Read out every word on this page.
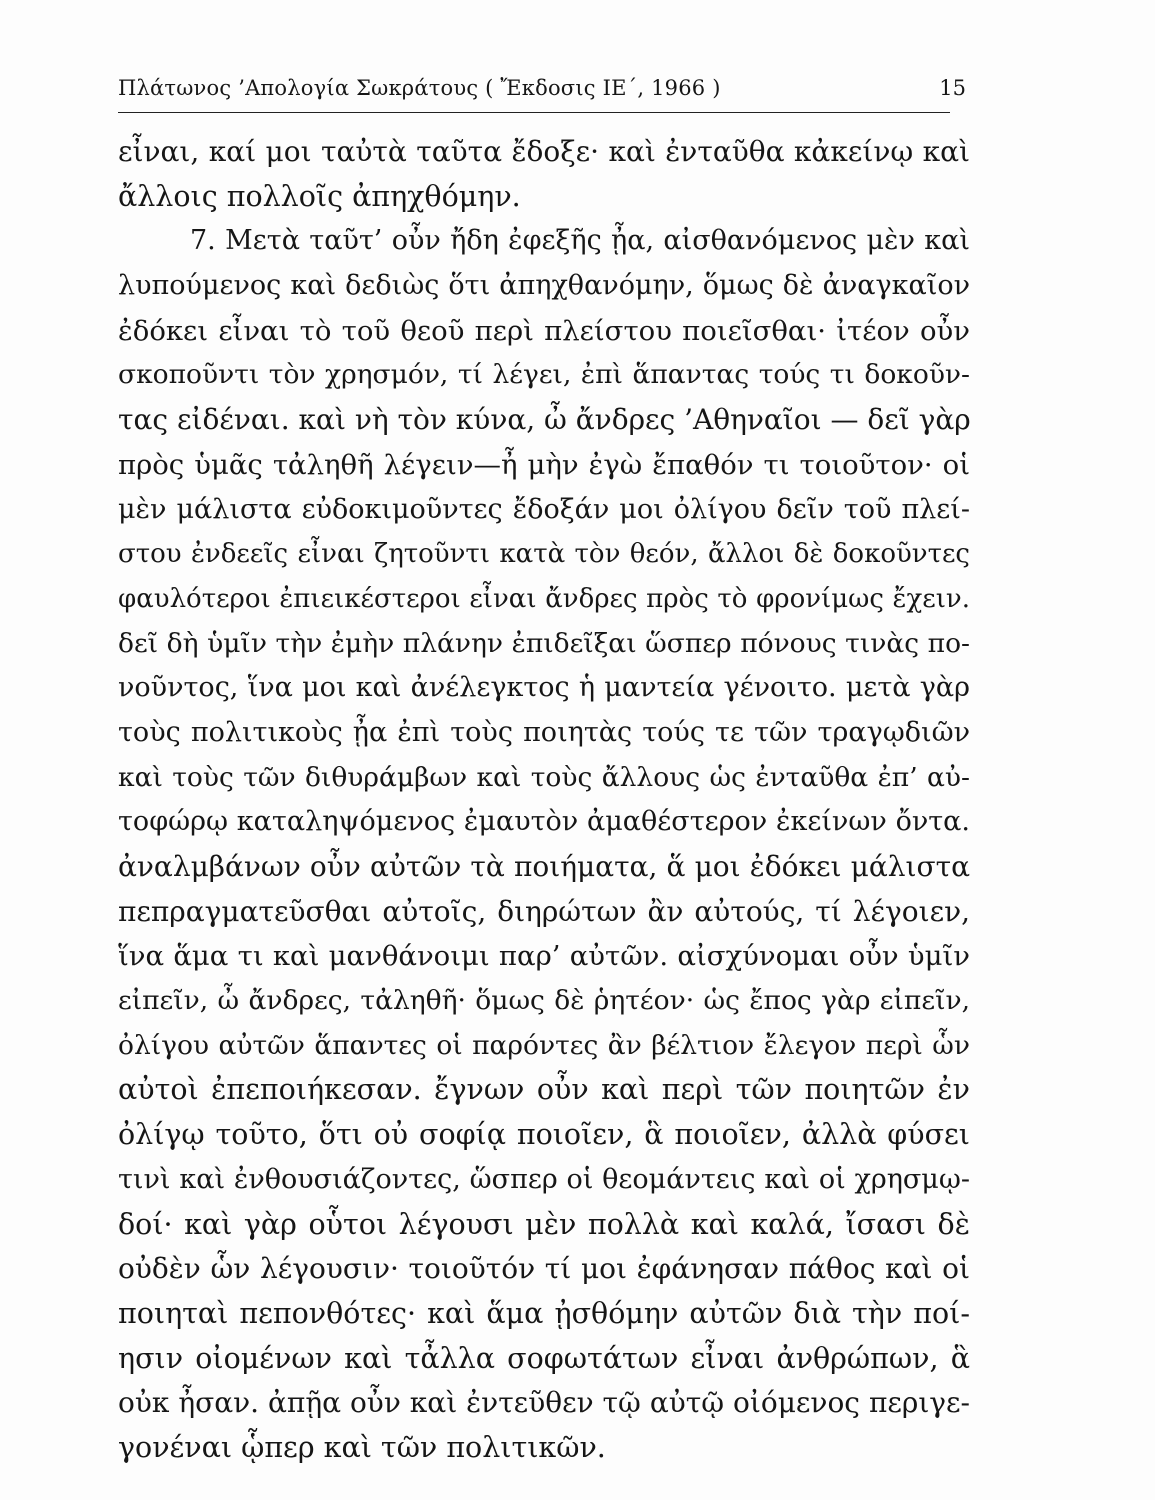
Πλάτωνος ’Απολογία Σωκράτους ( Ἔκδοσις ΙΕ΄, 1966 )	15
εἶναι, καί μοι ταὐτὰ ταῦτα ἔδοξε· καὶ ἐνταῦθα κἀκείνῳ καὶ
ἄλλοις πολλοῖς ἀπηχθόμην.
7. Μετὰ ταῦτ’ οὖν ἤδη ἐφεξῆς ᾖα, αἰσθανόμενος μὲν καὶ
λυπούμενος καὶ δεδιὼς ὅτι ἀπηχθανόμην, ὅμως δὲ ἀναγκαῖον
ἐδόκει εἶναι τὸ τοῦ θεοῦ περὶ πλείστου ποιεῖσθαι· ἰτέον οὖν
σκοποῦντι τὸν χρησμόν, τί λέγει, ἐπὶ ἅπαντας τούς τι δοκοῦν-
τας εἰδέναι. καὶ νὴ τὸν κύνα, ὦ ἄνδρες ’Αθηναῖοι — δεῖ γὰρ
πρὸς ὑμᾶς τἀληθῆ λέγειν—ἦ μὴν ἐγὼ ἔπαθόν τι τοιοῦτον· οἱ
μὲν μάλιστα εὐδοκιμοῦντες ἔδοξάν μοι ὀλίγου δεῖν τοῦ πλεί-
στου ἐνδεεῖς εἶναι ζητοῦντι κατὰ τὸν θεόν, ἄλλοι δὲ δοκοῦντες
φαυλότεροι ἐπιεικέστεροι εἶναι ἄνδρες πρὸς τὸ φρονίμως ἔχειν.
δεῖ δὴ ὑμῖν τὴν ἐμὴν πλάνην ἐπιδεῖξαι ὥσπερ πόνους τινὰς πο-
νοῦντος, ἵνα μοι καὶ ἀνέλεγκτος ἡ μαντεία γένοιτο. μετὰ γὰρ
τοὺς πολιτικοὺς ᾖα ἐπὶ τοὺς ποιητὰς τούς τε τῶν τραγῳδιῶν
καὶ τοὺς τῶν διθυράμβων καὶ τοὺς ἄλλους ὡς ἐνταῦθα ἐπ’ αὐ-
τοφώρῳ καταληψόμενος ἐμαυτὸν ἀμαθέστερον ἐκείνων ὄντα.
ἀναλμβάνων οὖν αὐτῶν τὰ ποιήματα, ἅ μοι ἐδόκει μάλιστα
πεπραγματεῦσθαι αὐτοῖς, διηρώτων ἂν αὐτούς, τί λέγοιεν,
ἵνα ἅμα τι καὶ μανθάνοιμι παρ’ αὐτῶν. αἰσχύνομαι οὖν ὑμῖν
εἰπεῖν, ὦ ἄνδρες, τἀληθῆ· ὅμως δὲ ῥητέον· ὡς ἔπος γὰρ εἰπεῖν,
ὀλίγου αὐτῶν ἅπαντες οἱ παρόντες ἂν βέλτιον ἔλεγον περὶ ὧν
αὐτοὶ ἐπεποιήκεσαν. ἔγνων οὖν καὶ περὶ τῶν ποιητῶν ἐν
ὀλίγῳ τοῦτο, ὅτι οὐ σοφίᾳ ποιοῖεν, ἃ ποιοῖεν, ἀλλὰ φύσει
τινὶ καὶ ἐνθουσιάζοντες, ὥσπερ οἱ θεομάντεις καὶ οἱ χρησμῳ-
δοί· καὶ γὰρ οὗτοι λέγουσι μὲν πολλὰ καὶ καλά, ἴσασι δὲ
οὐδὲν ὧν λέγουσιν· τοιοῦτόν τί μοι ἐφάνησαν πάθος καὶ οἱ
ποιηταὶ πεπονθότες· καὶ ἅμα ᾐσθόμην αὐτῶν διὰ τὴν ποί-
ησιν οἰομένων καὶ τἆλλα σοφωτάτων εἶναι ἀνθρώπων, ἃ
οὐκ ἦσαν. ἀπῇα οὖν καὶ ἐντεῦθεν τῷ αὐτῷ οἰόμενος περιγε-
γονέναι ᾧπερ καὶ τῶν πολιτικῶν.
